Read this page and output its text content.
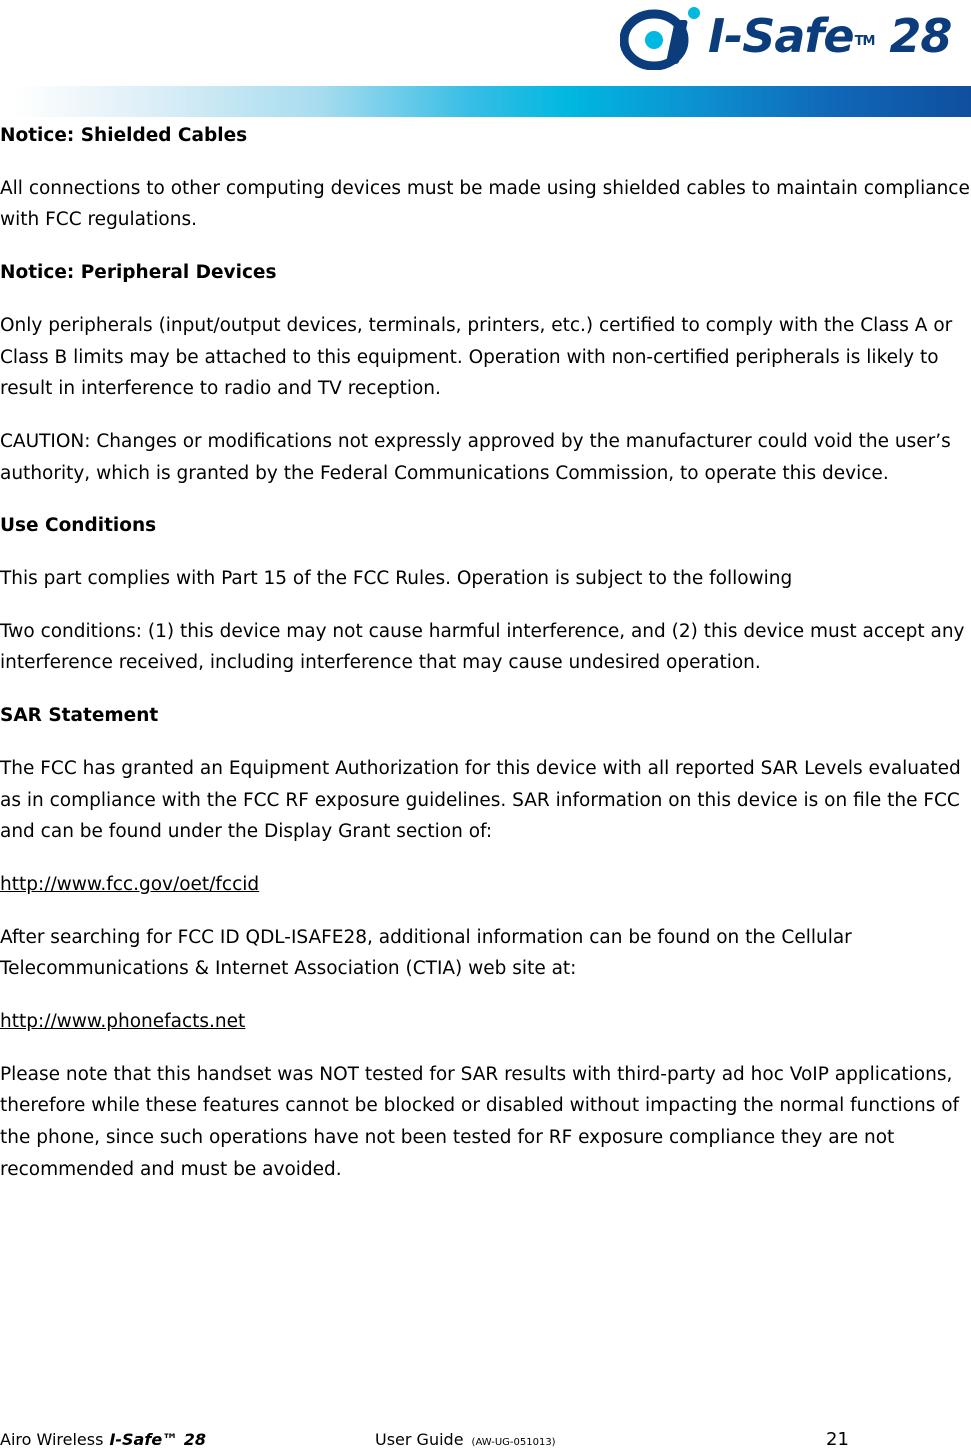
I-Safe™ 28

Notice: Shielded Cables

All connections to other computing devices must be made using shielded cables to maintain compliance with FCC regulations.

Notice: Peripheral Devices

Only peripherals (input/output devices, terminals, printers, etc.) certified to comply with the Class A or Class B limits may be attached to this equipment. Operation with non-certified peripherals is likely to result in interference to radio and TV reception.

CAUTION: Changes or modifications not expressly approved by the manufacturer could void the user’s authority, which is granted by the Federal Communications Commission, to operate this device.

Use Conditions

This part complies with Part 15 of the FCC Rules. Operation is subject to the following

Two conditions: (1) this device may not cause harmful interference, and (2) this device must accept any interference received, including interference that may cause undesired operation.

SAR Statement

The FCC has granted an Equipment Authorization for this device with all reported SAR Levels evaluated as in compliance with the FCC RF exposure guidelines. SAR information on this device is on file the FCC and can be found under the Display Grant section of:

http://www.fcc.gov/oet/fccid

After searching for FCC ID QDL-ISAFE28, additional information can be found on the Cellular Telecommunications & Internet Association (CTIA) web site at:

http://www.phonefacts.net

Please note that this handset was NOT tested for SAR results with third-party ad hoc VoIP applications, therefore while these features cannot be blocked or disabled without impacting the normal functions of the phone, since such operations have not been tested for RF exposure compliance they are not recommended and must be avoided.

Airo Wireless I-Safe™ 28	User Guide (AW-UG-051013)	21
